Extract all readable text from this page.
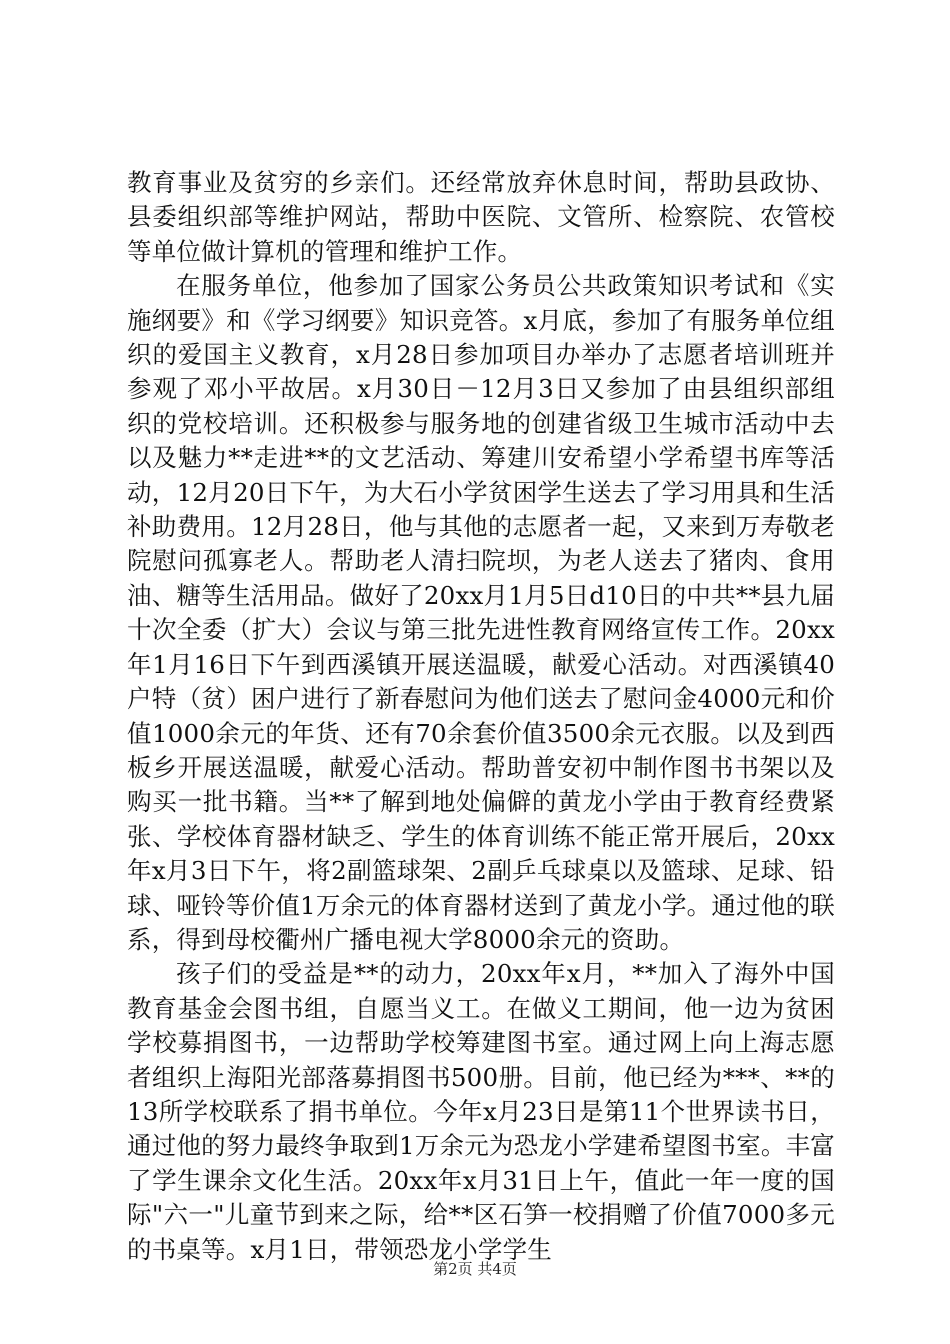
教育事业及贫穷的乡亲们。还经常放弃休息时间，帮助县政协、县委组织部等维护网站，帮助中医院、文管所、检察院、农管校等单位做计算机的管理和维护工作。

在服务单位，他参加了国家公务员公共政策知识考试和《实施纲要》和《学习纲要》知识竞答。x月底，参加了有服务单位组织的爱国主义教育，x月28日参加项目办举办了志愿者培训班并参观了邓小平故居。x月30日－12月3日又参加了由县组织部组织的党校培训。还积极参与服务地的创建省级卫生城市活动中去以及魅力**走进**的文艺活动、筹建川安希望小学希望书库等活动，12月20日下午，为大石小学贫困学生送去了学习用具和生活补助费用。12月28日，他与其他的志愿者一起，又来到万寿敬老院慰问孤寡老人。帮助老人清扫院坝，为老人送去了猪肉、食用油、糖等生活用品。做好了20xx月1月5日d10日的中共**县九届十次全委（扩大）会议与第三批先进性教育网络宣传工作。20xx年1月16日下午到西溪镇开展送温暖，献爱心活动。对西溪镇40户特（贫）困户进行了新春慰问为他们送去了慰问金4000元和价值1000余元的年货、还有70余套价值3500余元衣服。以及到西板乡开展送温暖，献爱心活动。帮助普安初中制作图书书架以及购买一批书籍。当**了解到地处偏僻的黄龙小学由于教育经费紧张、学校体育器材缺乏、学生的体育训练不能正常开展后，20xx年x月3日下午，将2副篮球架、2副乒乓球桌以及篮球、足球、铅球、哑铃等价值1万余元的体育器材送到了黄龙小学。通过他的联系，得到母校衢州广播电视大学8000余元的资助。

孩子们的受益是**的动力，20xx年x月，**加入了海外中国教育基金会图书组，自愿当义工。在做义工期间，他一边为贫困学校募捐图书，一边帮助学校筹建图书室。通过网上向上海志愿者组织上海阳光部落募捐图书500册。目前，他已经为***、**的13所学校联系了捐书单位。今年x月23日是第11个世界读书日，通过他的努力最终争取到1万余元为恐龙小学建希望图书室。丰富了学生课余文化生活。20xx年x月31日上午，值此一年一度的国际"六一"儿童节到来之际，给**区石笋一校捐赠了价值7000多元的书桌等。x月1日，带领恐龙小学学生

第2页 共4页
